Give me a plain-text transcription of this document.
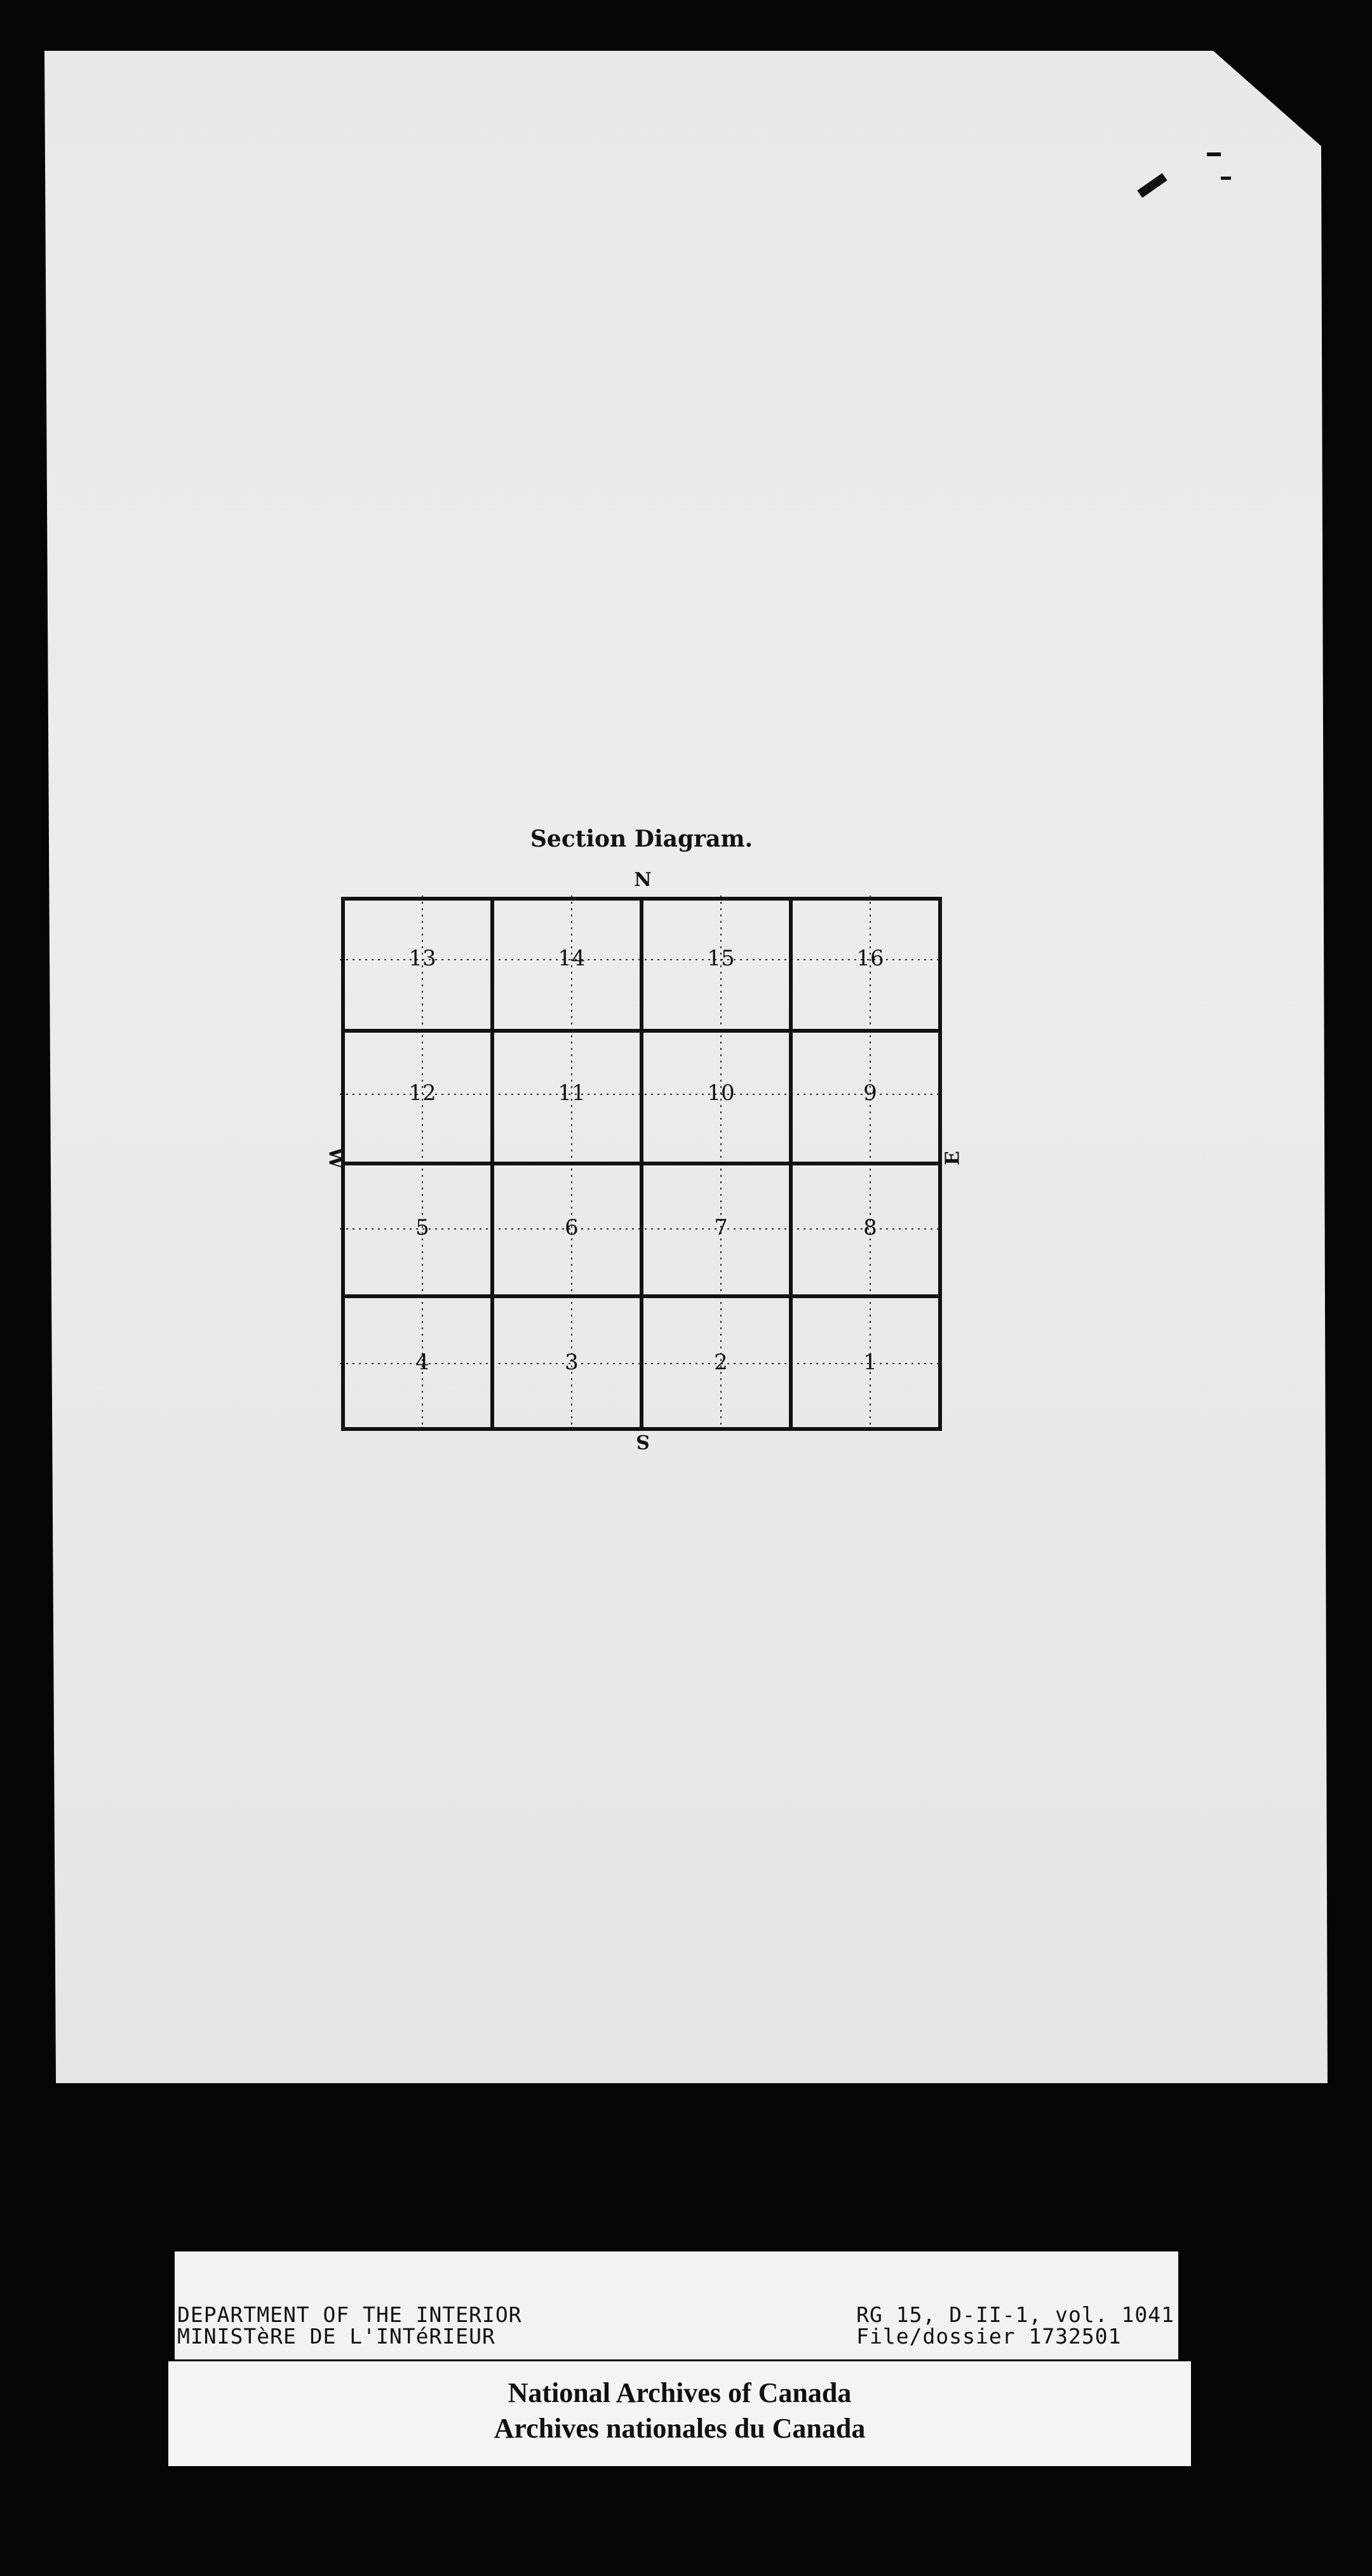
Section Diagram.
N
S
W	E
13	14	15	16
12	11	10	9
5	6	7	8
4	3	2	1
DEPARTMENT OF THE INTERIOR
MINISTèRE DE L'INTéRIEUR
RG 15, D-II-1, vol. 1041
File/dossier 1732501
National Archives of Canada
Archives nationales du Canada
